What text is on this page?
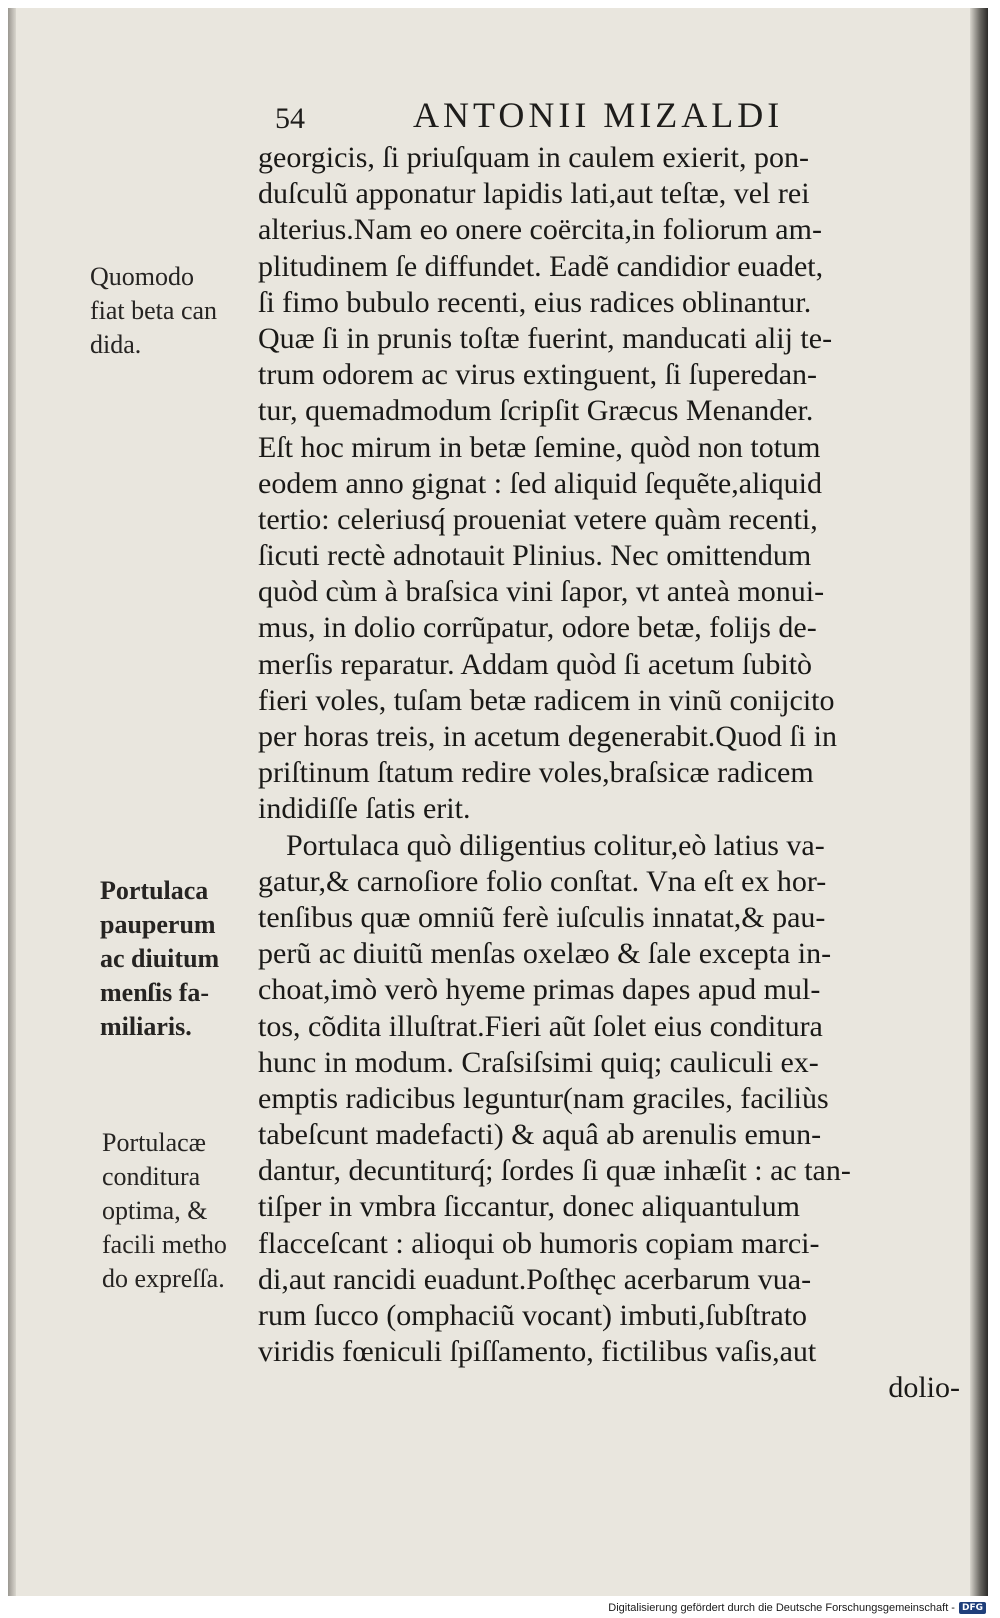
54	ANTONII MIZALDI
Quomodo
fiat beta can
dida.
Portulaca
pauperum
ac diuitum
menſis fa-
miliaris.
Portulacæ
conditura
optima, &
facili metho
do expreſſa.
georgicis, ſi priuſquam in caulem exierit, pon-
duſculũ apponatur lapidis lati,aut teſtæ, vel rei
alterius.Nam eo onere coërcita,in foliorum am-
plitudinem ſe diffundet. Eadẽ candidior euadet,
ſi fimo bubulo recenti, eius radices oblinantur.
Quæ ſi in prunis toſtæ fuerint, manducati alij te-
trum odorem ac virus extinguent, ſi ſuperedan-
tur, quemadmodum ſcripſit Græcus Menander.
Eſt hoc mirum in betæ ſemine, quòd non totum
eodem anno gignat : ſed aliquid ſequẽte,aliquid
tertio: celeriusq́ proueniat vetere quàm recenti,
ſicuti rectè adnotauit Plinius. Nec omittendum
quòd cùm à braſsica vini ſapor, vt anteà monui-
mus, in dolio corrũpatur, odore betæ, folijs de-
merſis reparatur. Addam quòd ſi acetum ſubitò
fieri voles, tuſam betæ radicem in vinũ conijcito
per horas treis, in acetum degenerabit.Quod ſi in
priſtinum ſtatum redire voles,braſsicæ radicem
indidiſſe ſatis erit.
Portulaca quò diligentius colitur,eò latius va-
gatur,& carnoſiore folio conſtat. Vna eſt ex hor-
tenſibus quæ omniũ ferè iuſculis innatat,& pau-
perũ ac diuitũ menſas oxelæo & ſale excepta in-
choat,imò verò hyeme primas dapes apud mul-
tos, cõdita illuſtrat.Fieri aũt ſolet eius conditura
hunc in modum. Craſsiſsimi quiq; cauliculi ex-
emptis radicibus leguntur(nam graciles, faciliùs
tabeſcunt madefacti) & aquâ ab arenulis emun-
dantur, decuntiturq́; ſordes ſi quæ inhæſit : ac tan-
tiſper in vmbra ſiccantur, donec aliquantulum
flacceſcant : alioqui ob humoris copiam marci-
di,aut rancidi euadunt.Poſthęc acerbarum vua-
rum ſucco (omphaciũ vocant) imbuti,ſubſtrato
viridis fœniculi ſpiſſamento, fictilibus vaſis,aut
dolio-
Digitalisierung gefördert durch die Deutsche Forschungsgemeinschaft - DFG
